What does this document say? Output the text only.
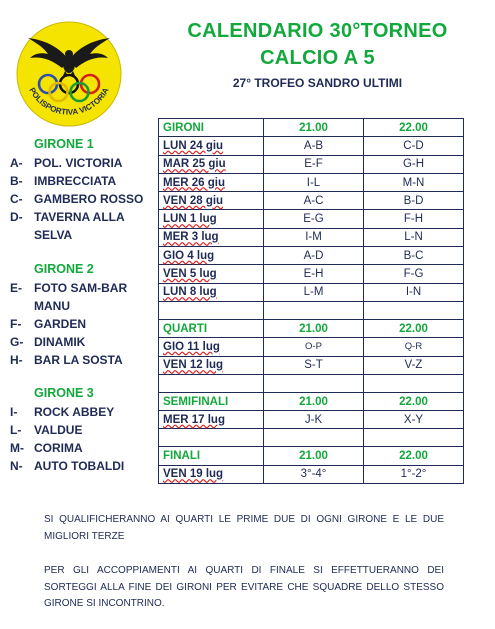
POLISPORTIVA VICTORIA
CALENDARIO 30°TORNEO
CALCIO A 5
27° TROFEO SANDRO ULTIMI
GIRONE 1
A- POL. VICTORIA
B- IMBRECCIATA
C- GAMBERO ROSSO
D- TAVERNA ALLA SELVA
GIRONE 2
E-	FOTO SAM-BAR MANU
F-	GARDEN
G- DINAMIK
H- BAR LA SOSTA
GIRONE 3
I-	ROCK ABBEY
L-	VALDUE
M- CORIMA
N- AUTO TOBALDI
GIRONI	21.00	22.00
LUN 24 giu	A-B	C-D
MAR 25 giu	E-F	G-H
MER 26 giu	I-L	M-N
VEN 28 giu	A-C	B-D
LUN 1 lug	E-G	F-H
MER 3 lug	I-M	L-N
GIO 4 lug	A-D	B-C
VEN 5 lug	E-H	F-G
LUN 8 lug	L-M	I-N

QUARTI	21.00	22.00
GIO 11 lug	O-P	Q-R
VEN 12 lug	S-T	V-Z

SEMIFINALI	21.00	22.00
MER 17 lug	J-K	X-Y

FINALI	21.00	22.00
VEN 19 lug	3°-4°	1°-2°
SI QUALIFICHERANNO AI QUARTI LE PRIME DUE DI OGNI GIRONE E LE DUE MIGLIORI TERZE
PER GLI ACCOPPIAMENTI AI QUARTI DI FINALE SI EFFETTUERANNO DEI SORTEGGI ALLA FINE DEI GIRONI PER EVITARE CHE SQUADRE DELLO STESSO GIRONE SI INCONTRINO.
